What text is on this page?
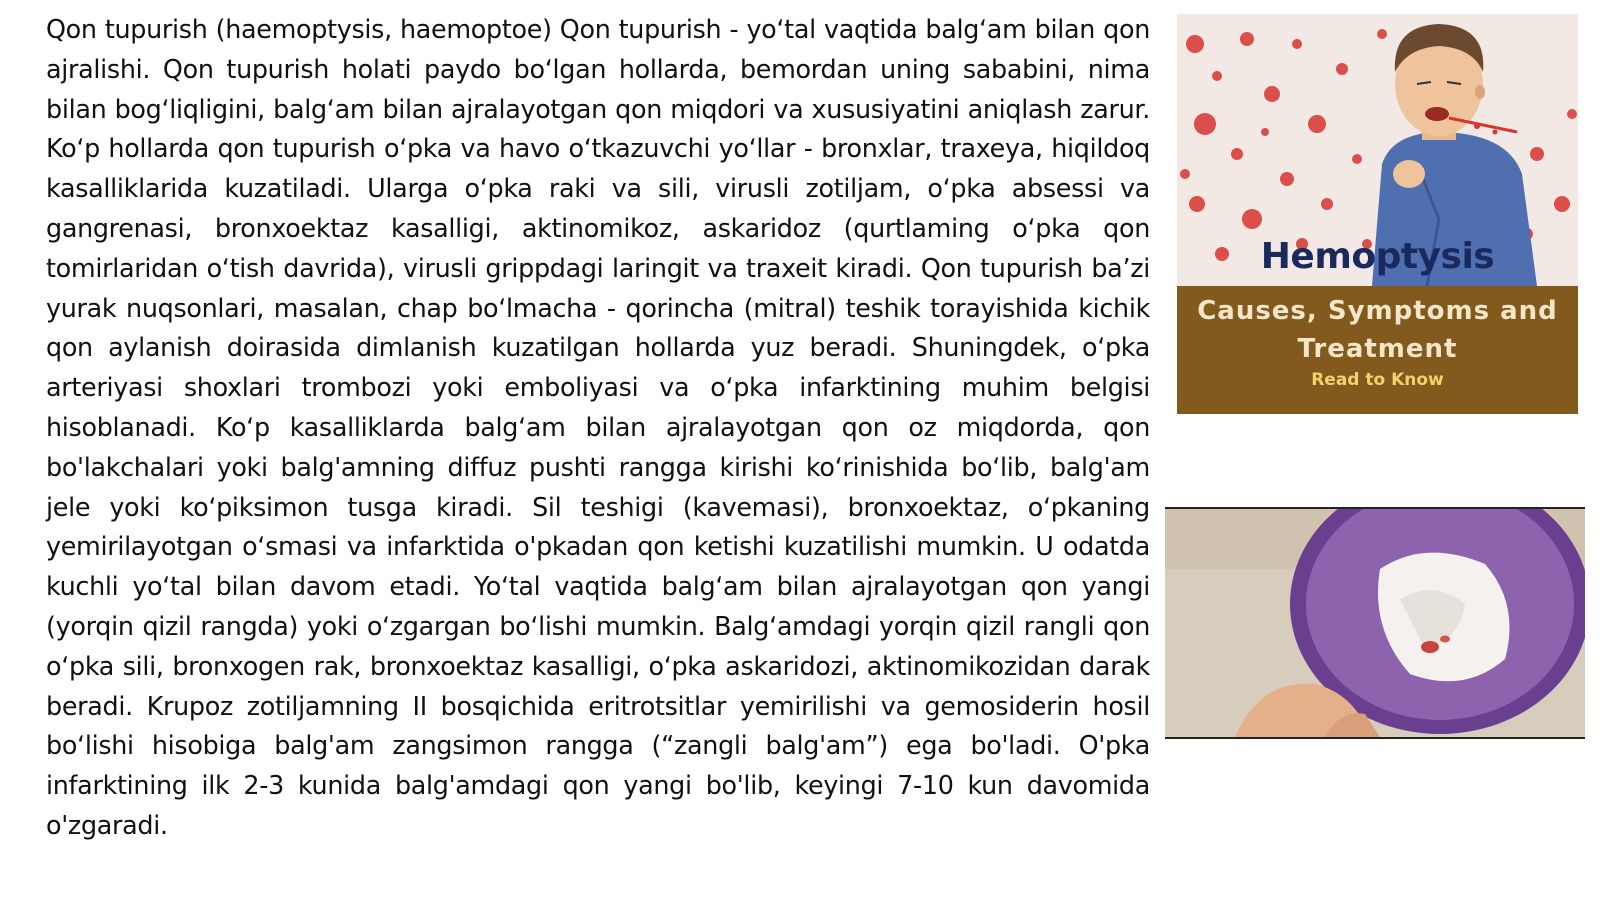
Qon tupurish (haemoptysis, haemoptoe) Qon tupurish - yoʻtal vaqtida balgʻam bilan qon ajralishi. Qon tupurish holati paydo boʻlgan hollarda, bemordan uning sababini, nima bilan bogʻliqligini, balgʻam bilan ajralayotgan qon miqdori va xususiyatini aniqlash zarur. Koʻp hollarda qon tupurish oʻpka va havo oʻtkazuvchi yoʻllar - bronxlar, traxeya, hiqildoq kasalliklarida kuzatiladi. Ularga oʻpka raki va sili, virusli zotiljam, oʻpka absessi va gangrenasi, bronxoektaz kasalligi, aktinomikoz, askaridoz (qurtlaming oʻpka qon tomirlaridan oʻtish davrida), virusli grippdagi laringit va traxeit kiradi. Qon tupurish baʼzi yurak nuqsonlari, masalan, chap boʻlmacha - qorincha (mitral) teshik torayishida kichik qon aylanish doirasida dimlanish kuzatilgan hollarda yuz beradi. Shuningdek, oʻpka arteriyasi shoxlari trombozi yoki emboliyasi va oʻpka infarktining muhim belgisi hisoblanadi. Koʻp kasalliklarda balgʻam bilan ajralayotgan qon oz miqdorda, qon bo'lakchalari yoki balg'amning diffuz pushti rangga kirishi koʻrinishida boʻlib, balg'am jele yoki koʻpiksimon tusga kiradi. Sil teshigi (kavemasi), bronxoektaz, oʻpkaning yemirilayotgan oʻsmasi va infarktida o'pkadan qon ketishi kuzatilishi mumkin. U odatda kuchli yoʻtal bilan davom etadi. Yoʻtal vaqtida balgʻam bilan ajralayotgan qon yangi (yorqin qizil rangda) yoki oʻzgargan boʻlishi mumkin. Balgʻamdagi yorqin qizil rangli qon oʻpka sili, bronxogen rak, bronxoektaz kasalligi, oʻpka askaridozi, aktinomikozidan darak beradi. Krupoz zotiljamning II bosqichida eritrotsitlar yemirilishi va gemosiderin hosil boʻlishi hisobiga balg'am zangsimon rangga (“zangli balg'am”) ega bo'ladi. O'pka infarktining ilk 2-3 kunida balg'amdagi qon yangi bo'lib, keyingi 7-10 kun davomida o'zgaradi.

Hemoptysis
Causes, Symptoms and
Treatment
Read to Know
